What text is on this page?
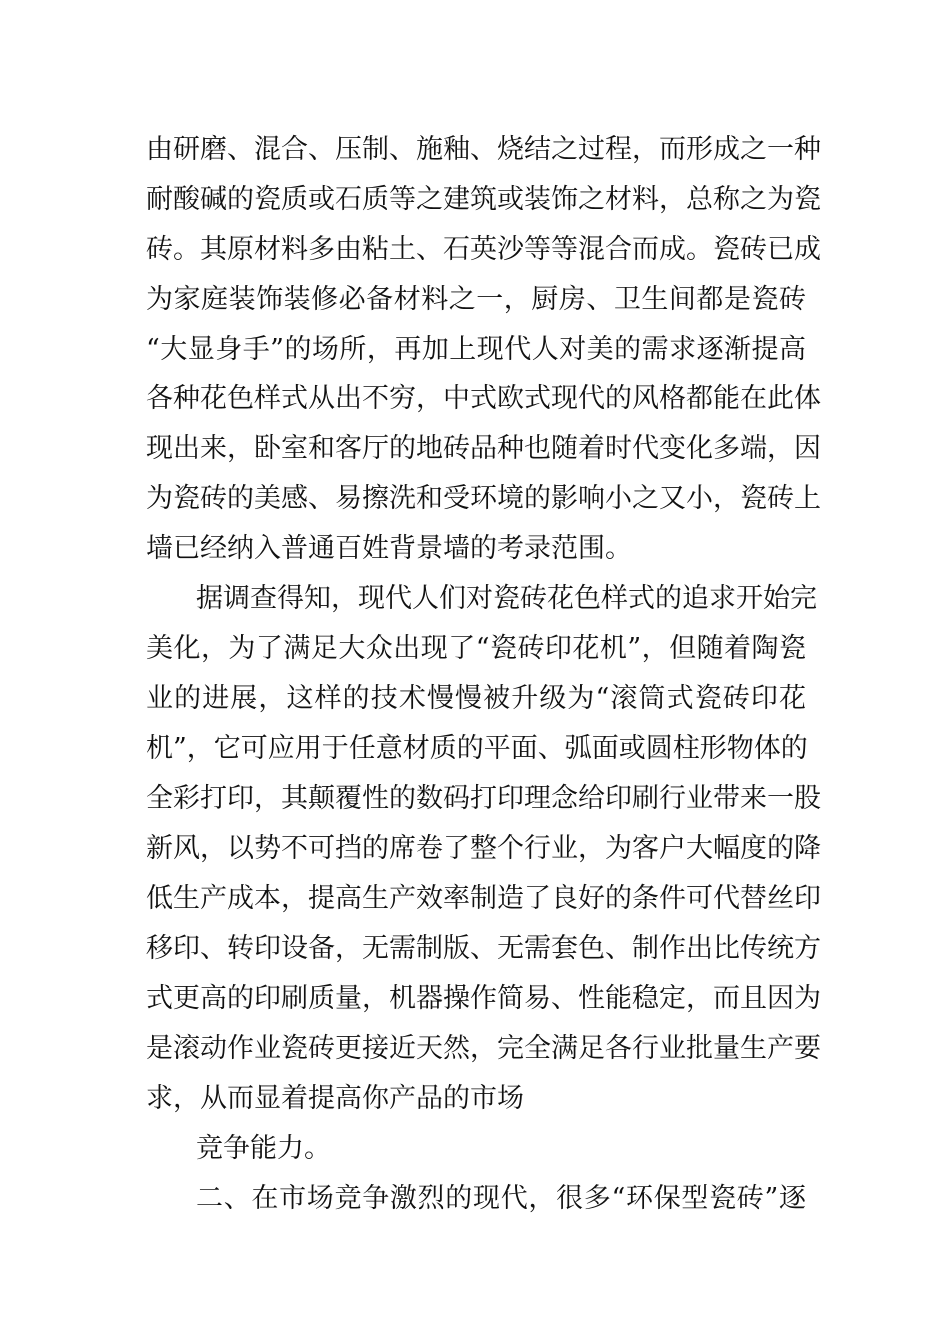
由研磨、混合、压制、施釉、烧结之过程，而形成之一种
耐酸碱的瓷质或石质等之建筑或装饰之材料，总称之为瓷
砖。其原材料多由粘土、石英沙等等混合而成。瓷砖已成
为家庭装饰装修必备材料之一，厨房、卫生间都是瓷砖
“大显身手”的场所，再加上现代人对美的需求逐渐提高
各种花色样式从出不穷，中式欧式现代的风格都能在此体
现出来，卧室和客厅的地砖品种也随着时代变化多端，因
为瓷砖的美感、易擦洗和受环境的影响小之又小，瓷砖上
墙已经纳入普通百姓背景墙的考录范围。
据调查得知，现代人们对瓷砖花色样式的追求开始完
美化，为了满足大众出现了“瓷砖印花机”，但随着陶瓷
业的进展，这样的技术慢慢被升级为“滚筒式瓷砖印花
机”，它可应用于任意材质的平面、弧面或圆柱形物体的
全彩打印，其颠覆性的数码打印理念给印刷行业带来一股
新风，以势不可挡的席卷了整个行业，为客户大幅度的降
低生产成本，提高生产效率制造了良好的条件可代替丝印
移印、转印设备，无需制版、无需套色、制作出比传统方
式更高的印刷质量，机器操作简易、性能稳定，而且因为
是滚动作业瓷砖更接近天然，完全满足各行业批量生产要
求，从而显着提高你产品的市场
竞争能力。
二、在市场竞争激烈的现代，很多“环保型瓷砖”逐
